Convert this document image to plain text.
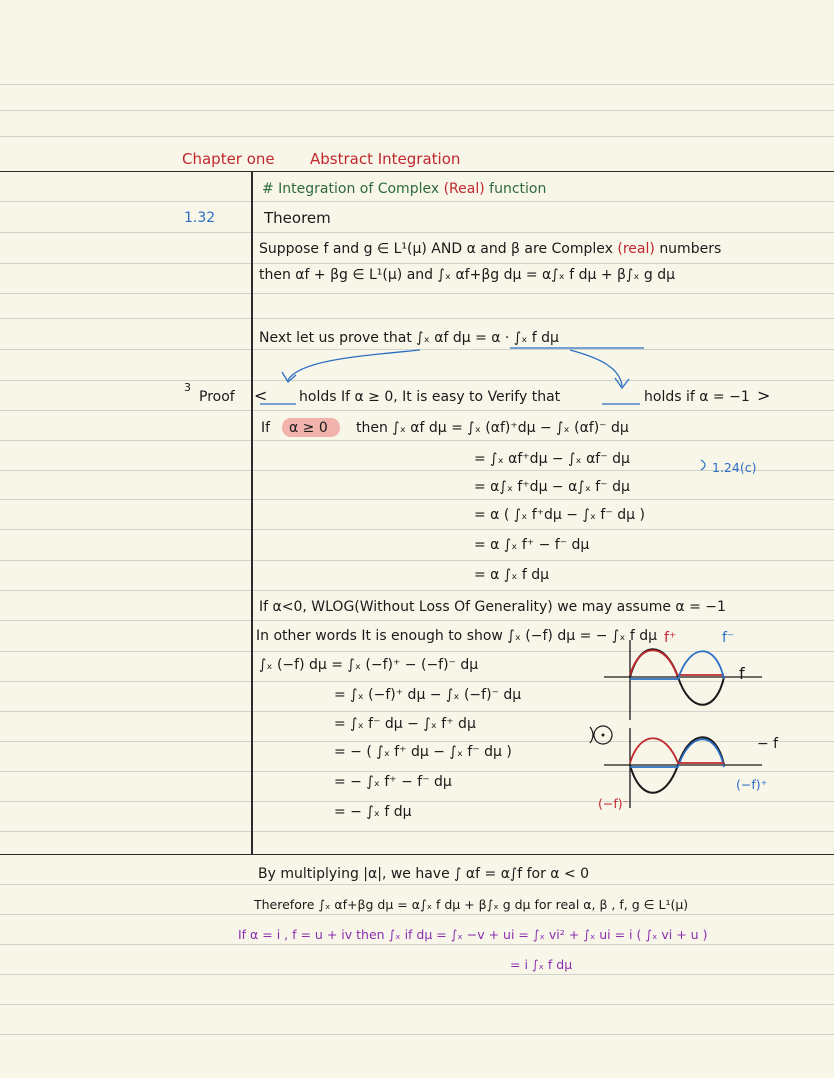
Chapter one Abstract Integration
# Integration of Complex (Real) function
1.32	Theorem
Suppose f and g ∈ L¹(μ) AND α and β are Complex (real) numbers
then αf + βg ∈ L¹(μ) and ∫ₓ αf+βg dμ = α∫ₓ f dμ + β∫ₓ g dμ
Next let us prove that ∫ₓ αf dμ = α · ∫ₓ f dμ
3
Proof < holds If α ≥ 0, It is easy to Verify that	holds if α = −1 >
If α ≥ 0 then ∫ₓ αf dμ = ∫ₓ (αf)⁺dμ − ∫ₓ (αf)⁻ dμ
= ∫ₓ αf⁺dμ − ∫ₓ αf⁻ dμ
= α∫ₓ f⁺dμ − α∫ₓ f⁻ dμ
= α ( ∫ₓ f⁺dμ − ∫ₓ f⁻ dμ )
= α ∫ₓ f⁺ − f⁻ dμ
= α ∫ₓ f dμ
1.24(c)
If α<0, WLOG(Without Loss Of Generality) we may assume α = −1
In other words It is enough to show ∫ₓ (−f) dμ = − ∫ₓ f dμ
∫ₓ (−f) dμ = ∫ₓ (−f)⁺ − (−f)⁻ dμ
= ∫ₓ (−f)⁺ dμ − ∫ₓ (−f)⁻ dμ
= ∫ₓ f⁻ dμ − ∫ₓ f⁺ dμ
= − ( ∫ₓ f⁺ dμ − ∫ₓ f⁻ dμ )
= − ∫ₓ f⁺ − f⁻ dμ
= − ∫ₓ f dμ
f⁺	f⁻
f
− f
(−f)⁺
(−f)⁻
By multiplying |α|, we have ∫ αf = α∫f for α < 0
Therefore ∫ₓ αf+βg dμ = α∫ₓ f dμ + β∫ₓ g dμ for real α, β , f, g ∈ L¹(μ)
If α = i , f = u + iv then ∫ₓ if dμ = ∫ₓ −v + ui = ∫ₓ vi² + ∫ₓ ui = i ( ∫ₓ vi + u )
= i ∫ₓ f dμ
